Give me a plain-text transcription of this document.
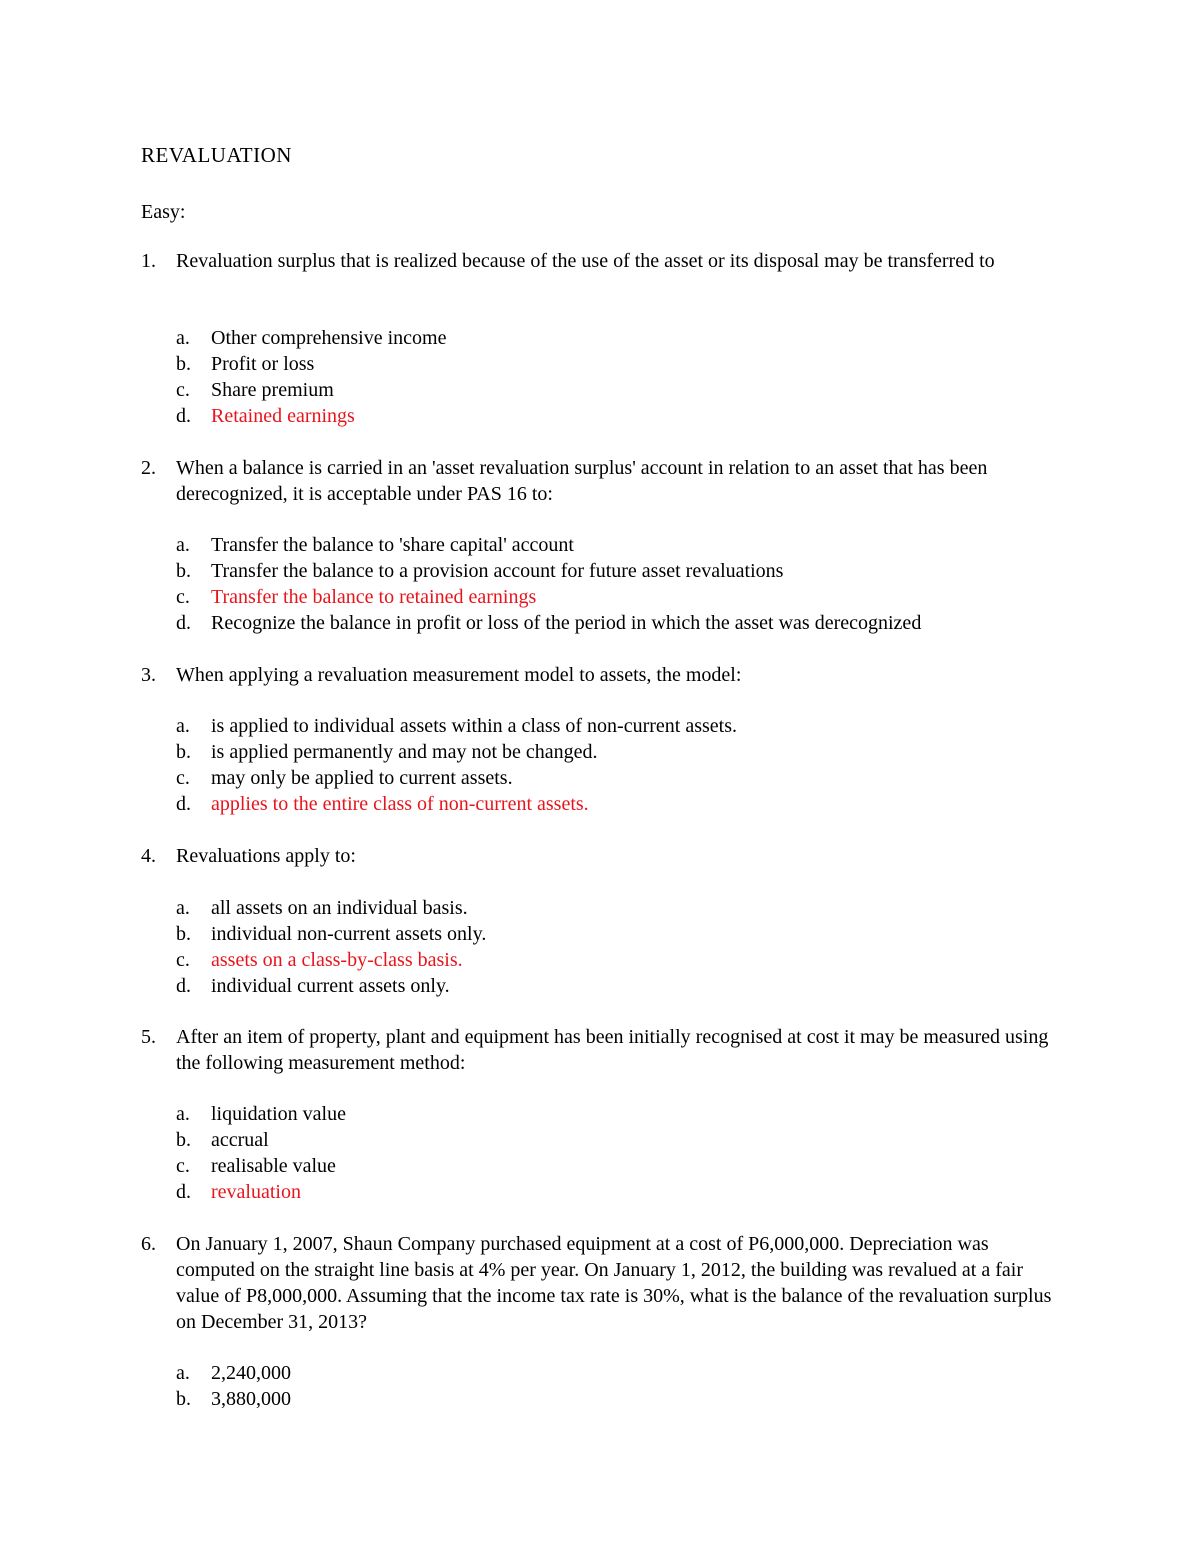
REVALUATION
Easy:
1. Revaluation surplus that is realized because of the use of the asset or its disposal may be transferred to
a. Other comprehensive income
b. Profit or loss
c. Share premium
d. Retained earnings
2. When a balance is carried in an 'asset revaluation surplus' account in relation to an asset that has been derecognized, it is acceptable under PAS 16 to:
a. Transfer the balance to 'share capital' account
b. Transfer the balance to a provision account for future asset revaluations
c. Transfer the balance to retained earnings
d. Recognize the balance in profit or loss of the period in which the asset was derecognized
3. When applying a revaluation measurement model to assets, the model:
a. is applied to individual assets within a class of non-current assets.
b. is applied permanently and may not be changed.
c. may only be applied to current assets.
d. applies to the entire class of non-current assets.
4. Revaluations apply to:
a. all assets on an individual basis.
b. individual non-current assets only.
c. assets on a class-by-class basis.
d. individual current assets only.
5. After an item of property, plant and equipment has been initially recognised at cost it may be measured using the following measurement method:
a. liquidation value
b. accrual
c. realisable value
d. revaluation
6. On January 1, 2007, Shaun Company purchased equipment at a cost of P6,000,000. Depreciation was computed on the straight line basis at 4% per year. On January 1, 2012, the building was revalued at a fair value of P8,000,000. Assuming that the income tax rate is 30%, what is the balance of the revaluation surplus on December 31, 2013?
a. 2,240,000
b. 3,880,000
